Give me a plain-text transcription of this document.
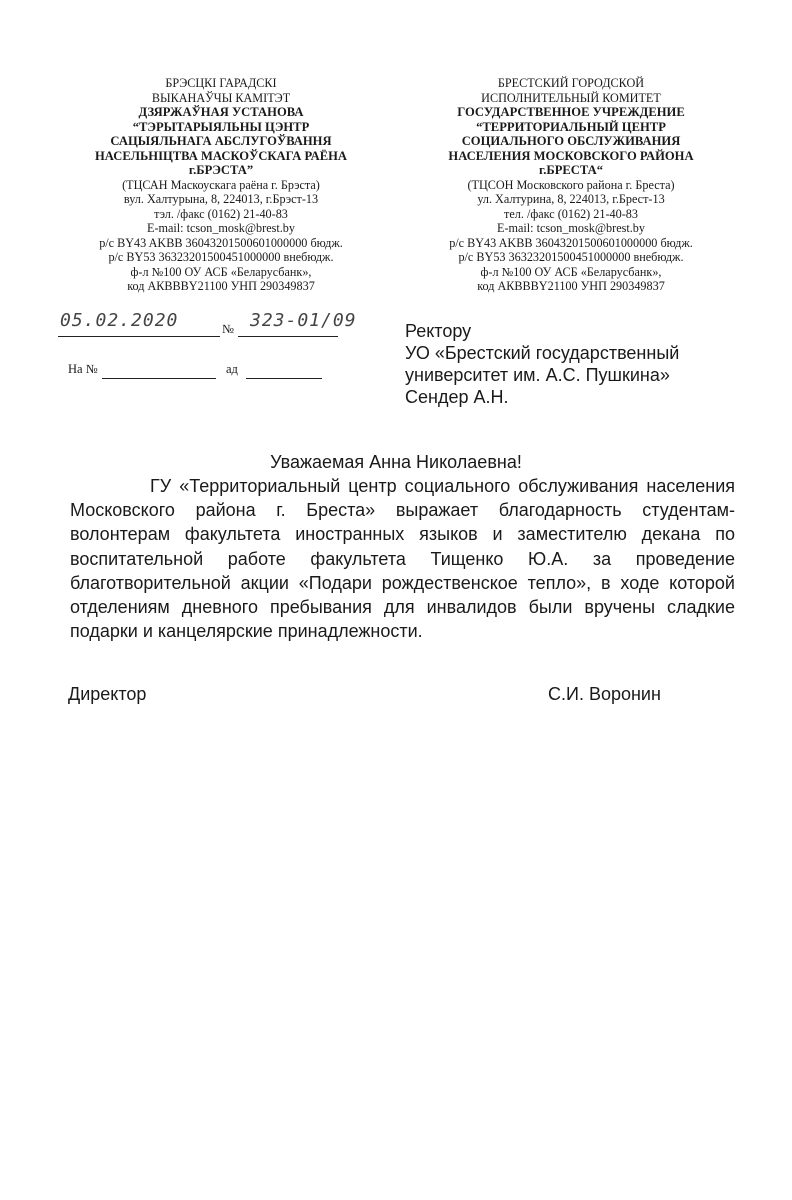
БРЭСЦКI ГАРАДСКI
ВЫКАНАЎЧЫ КАМIТЭТ
ДЗЯРЖАЎНАЯ УСТАНОВА
“ТЭРЫТАРЫЯЛЬНЫ ЦЭНТР
САЦЫЯЛЬНАГА АБСЛУГОЎВАННЯ
НАСЕЛЬНIЦТВА МАСКОЎСКАГА РАЁНА
г.БРЭСТА”
(ТЦСАН Маскоускага раёна г. Брэста)
вул. Халтурына, 8, 224013, г.Брэст-13
тэл. /факс (0162) 21-40-83
E-mail: tcson_mosk@brest.by
р/с BY43 AKBB 36043201500601000000 бюдж.
р/с BY53 36323201500451000000 внебюдж.
ф-л №100 ОУ АСБ «Беларусбанк»,
код АКBBBY21100 УНП 290349837
БРЕСТСКИЙ ГОРОДСКОЙ
ИСПОЛНИТЕЛЬНЫЙ КОМИТЕТ
ГОСУДАРСТВЕННОЕ УЧРЕЖДЕНИЕ
“ТЕРРИТОРИАЛЬНЫЙ ЦЕНТР
СОЦИАЛЬНОГО ОБСЛУЖИВАНИЯ
НАСЕЛЕНИЯ МОСКОВСКОГО РАЙОНА
г.БРЕСТА“
(ТЦСОН Московского района г. Бреста)
ул. Халтурина, 8, 224013, г.Брест-13
тел. /факс (0162) 21-40-83
E-mail: tcson_mosk@brest.by
р/с BY43 AKBB 36043201500601000000 бюдж.
р/с BY53 36323201500451000000 внебюдж.
ф-л №100 ОУ АСБ «Беларусбанк»,
код АКBBBY21100 УНП 290349837
05.02.2020	№ 323-01/09
На №	ад
Ректору
УО «Брестский государственный
университет им. А.С. Пушкина»
Сендер А.Н.
Уважаемая Анна Николаевна!
ГУ «Территориальный центр социального обслуживания населения Московского района г. Бреста» выражает благодарность студентам-волонтерам факультета иностранных языков и заместителю декана по воспитательной работе факультета Тищенко Ю.А. за проведение благотворительной акции «Подари рождественское тепло», в ходе которой отделениям дневного пребывания для инвалидов были вручены сладкие подарки и канцелярские принадлежности.
Директор	С.И. Воронин
